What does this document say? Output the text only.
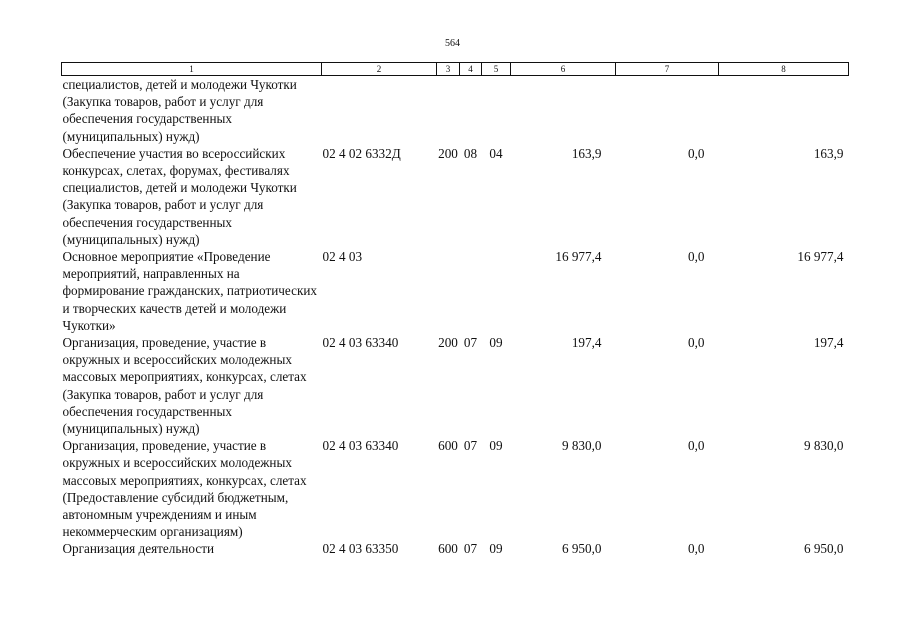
564
1	2	3	4	5	6	7	8
специалистов, детей и молодежи Чукотки (Закупка товаров, работ и услуг для обеспечения государственных (муниципальных) нужд)							
Обеспечение участия во всероссийских конкурсах, слетах, форумах, фестивалях специалистов, детей и молодежи Чукотки (Закупка товаров, работ и услуг для обеспечения государственных (муниципальных) нужд)	02 4 02 6332Д	200	08	04	163,9	0,0	163,9
Основное мероприятие «Проведение мероприятий, направленных на формирование гражданских, патриотических и творческих качеств детей и молодежи Чукотки»	02 4 03				16 977,4	0,0	16 977,4
Организация, проведение, участие в окружных и всероссийских молодежных массовых мероприятиях, конкурсах, слетах (Закупка товаров, работ и услуг для обеспечения государственных (муниципальных) нужд)	02 4 03 63340	200	07	09	197,4	0,0	197,4
Организация, проведение, участие в окружных и всероссийских молодежных массовых мероприятиях, конкурсах, слетах (Предоставление субсидий бюджетным, автономным учреждениям и иным некоммерческим организациям)	02 4 03 63340	600	07	09	9 830,0	0,0	9 830,0
Организация деятельности	02 4 03 63350	600	07	09	6 950,0	0,0	6 950,0
